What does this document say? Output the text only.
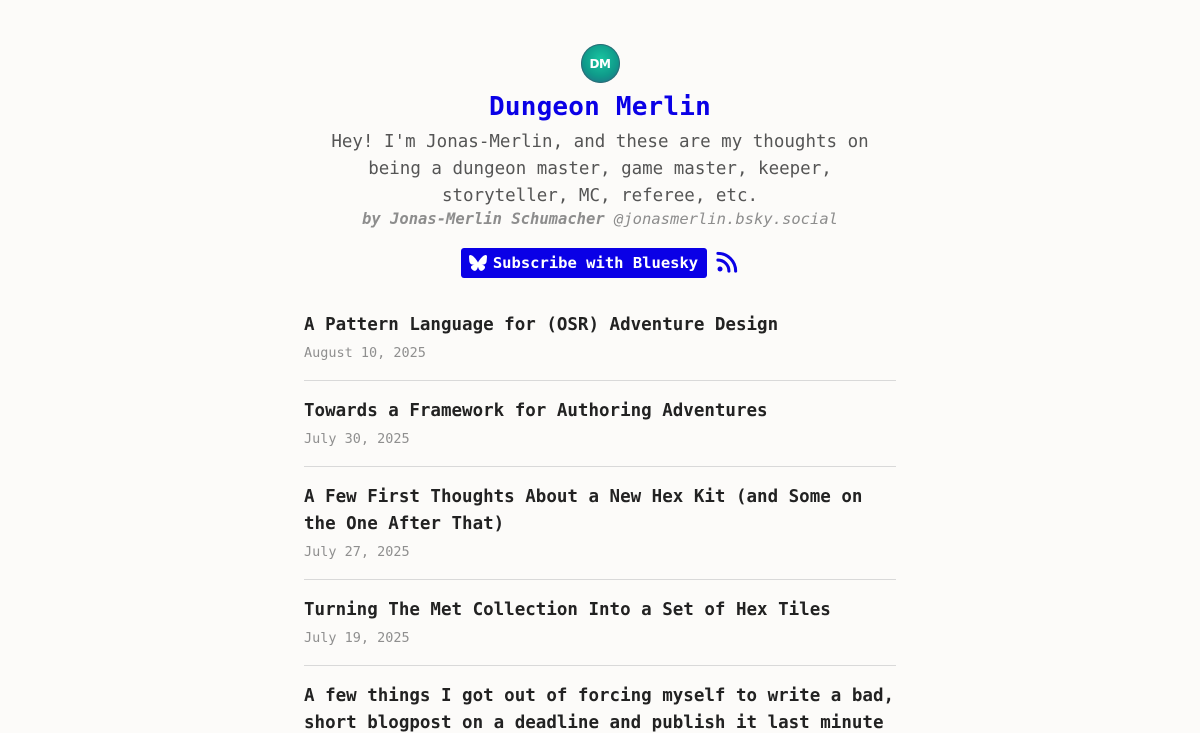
DM
Dungeon Merlin

Hey! I'm Jonas-Merlin, and these are my thoughts on being a dungeon master, game master, keeper, storyteller, MC, referee, etc.

by Jonas-Merlin Schumacher @jonasmerlin.bsky.social
Subscribe with Bluesky
A Pattern Language for (OSR) Adventure Design
August 10, 2025
Towards a Framework for Authoring Adventures
July 30, 2025
A Few First Thoughts About a New Hex Kit (and Some on the One After That)
July 27, 2025
Turning The Met Collection Into a Set of Hex Tiles
July 19, 2025
A few things I got out of forcing myself to write a bad, short blogpost on a deadline and publish it last minute
